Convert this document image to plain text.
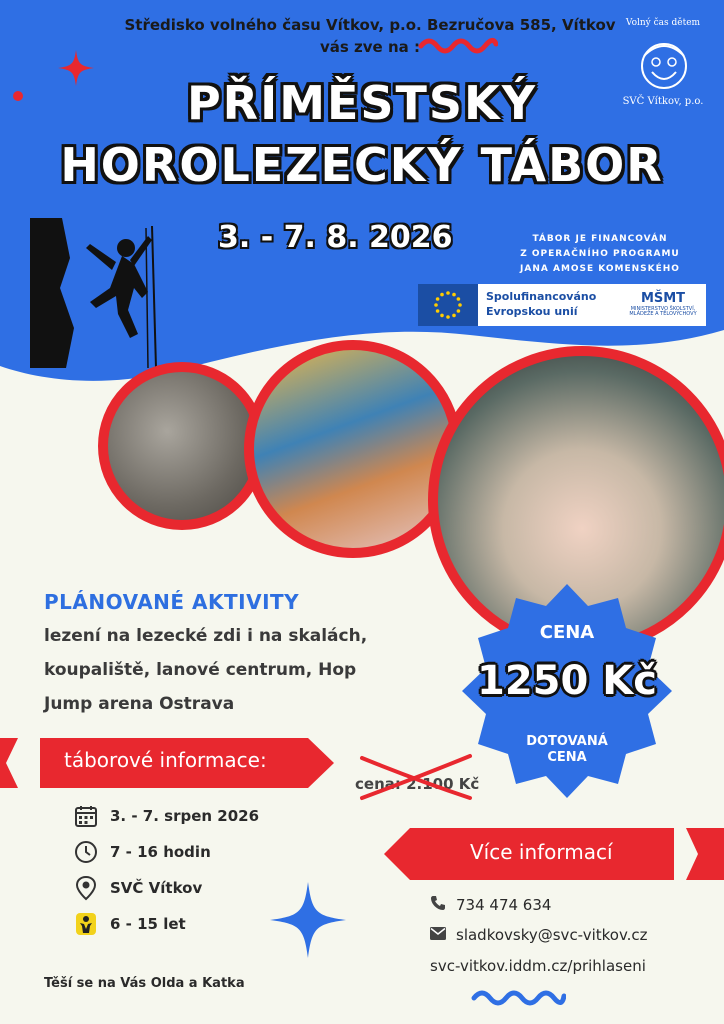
Středisko volného času Vítkov, p.o. Bezručova 585, Vítkov
vás zve na :
PŘÍMĚSTSKÝ
HOROLEZECKÝ TÁBOR
3. - 7. 8. 2026
Volný čas dětem
SVČ Vítkov, p.o.
TÁBOR JE FINANCOVÁN
Z OPERAČNÍHO PROGRAMU
JANA AMOSE KOMENSKÉHO
Spolufinancováno
Evropskou unií
MŠMT
MINISTERSTVO ŠKOLSTVÍ, MLÁDEŽE A TĚLOVÝCHOVY
PLÁNOVANÉ AKTIVITY
lezení na lezecké zdi i na skalách,
koupaliště, lanové centrum, Hop
Jump arena Ostrava
CENA
1250 Kč
DOTOVANÁ
CENA
cena: 2.100 Kč
táborové informace:
3. - 7. srpen 2026
7 - 16 hodin
SVČ Vítkov
6 - 15 let
Více informací
734 474 634
sladkovsky@svc-vitkov.cz
svc-vitkov.iddm.cz/prihlaseni
Těší se na Vás Olda a Katka
